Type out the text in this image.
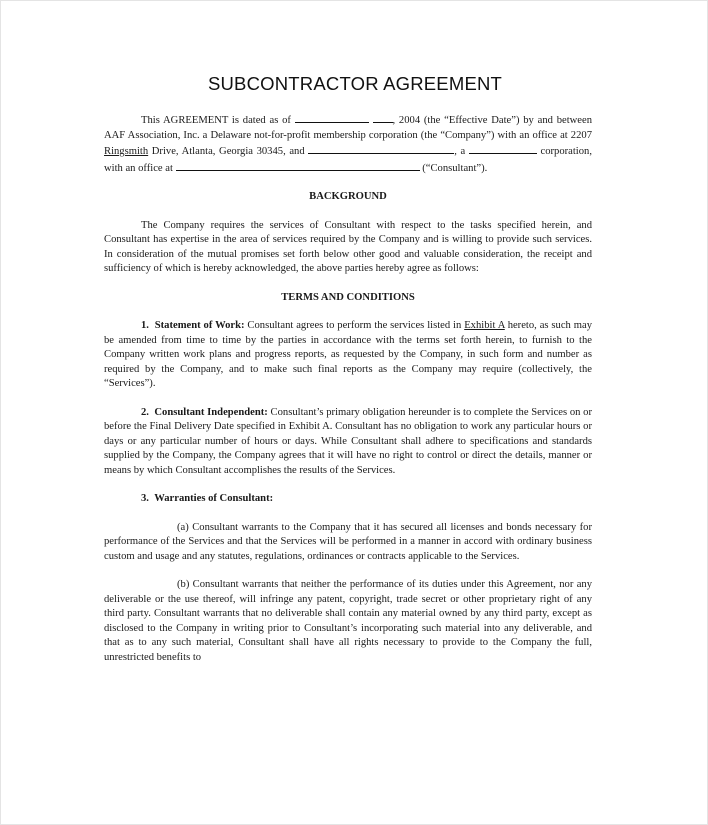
SUBCONTRACTOR AGREEMENT

This AGREEMENT is dated as of	, 2004 (the “Effective Date”) by and between AAF Association, Inc. a Delaware not-for-profit membership corporation (the “Company”) with an office at 2207 Ringsmith Drive, Atlanta, Georgia 30345, and	, a	corporation, with an office at	(“Consultant”).

BACKGROUND

The Company requires the services of Consultant with respect to the tasks specified herein, and Consultant has expertise in the area of services required by the Company and is willing to provide such services. In consideration of the mutual promises set forth below other good and valuable consideration, the receipt and sufficiency of which is hereby acknowledged, the above parties hereby agree as follows:

TERMS AND CONDITIONS

1.  Statement of Work: Consultant agrees to perform the services listed in Exhibit A hereto, as such may be amended from time to time by the parties in accordance with the terms set forth herein, to furnish to the Company written work plans and progress reports, as requested by the Company, in such form and number as required by the Company, and to make such final reports as the Company may require (collectively, the “Services”).

2.  Consultant Independent: Consultant’s primary obligation hereunder is to complete the Services on or before the Final Delivery Date specified in Exhibit A. Consultant has no obligation to work any particular hours or days or any particular number of hours or days. While Consultant shall adhere to specifications and standards supplied by the Company, the Company agrees that it will have no right to control or direct the details, manner or means by which Consultant accomplishes the results of the Services.

3.  Warranties of Consultant:

(a) Consultant warrants to the Company that it has secured all licenses and bonds necessary for performance of the Services and that the Services will be performed in a manner in accord with ordinary business custom and usage and any statutes, regulations, ordinances or contracts applicable to the Services.

(b) Consultant warrants that neither the performance of its duties under this Agreement, nor any deliverable or the use thereof, will infringe any patent, copyright, trade secret or other proprietary right of any third party. Consultant warrants that no deliverable shall contain any material owned by any third party, except as disclosed to the Company in writing prior to Consultant’s incorporating such material into any deliverable, and that as to any such material, Consultant shall have all rights necessary to provide to the Company the full, unrestricted benefits to
